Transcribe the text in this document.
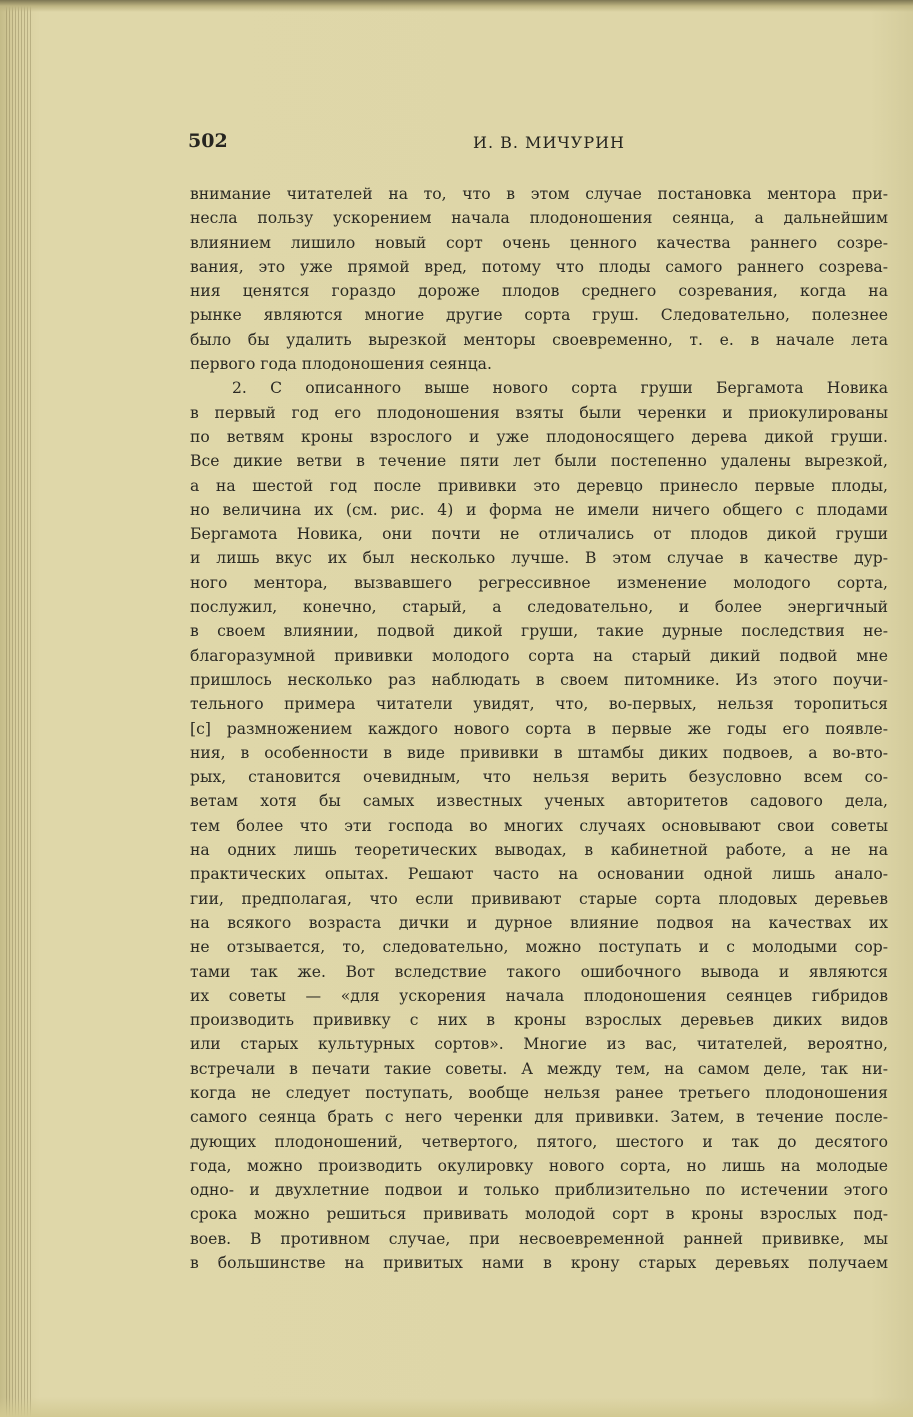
502	И. В. МИЧУРИН
внимание читателей на то, что в этом случае постановка ментора при-
несла пользу ускорением начала плодоношения сеянца, а дальнейшим
влиянием лишило новый сорт очень ценного качества раннего созре-
вания, это уже прямой вред, потому что плоды самого раннего созрева-
ния ценятся гораздо дороже плодов среднего созревания, когда на
рынке являются многие другие сорта груш. Следовательно, полезнее
было бы удалить вырезкой менторы своевременно, т. е. в начале лета
первого года плодоношения сеянца.
2. С описанного выше нового сорта груши Бергамота Новика
в первый год его плодоношения взяты были черенки и приокулированы
по ветвям кроны взрослого и уже плодоносящего дерева дикой груши.
Все дикие ветви в течение пяти лет были постепенно удалены вырезкой,
а на шестой год после прививки это деревцо принесло первые плоды,
но величина их (см. рис. 4) и форма не имели ничего общего с плодами
Бергамота Новика, они почти не отличались от плодов дикой груши
и лишь вкус их был несколько лучше. В этом случае в качестве дур-
ного ментора, вызвавшего регрессивное изменение молодого сорта,
послужил, конечно, старый, а следовательно, и более энергичный
в своем влиянии, подвой дикой груши, такие дурные последствия не-
благоразумной прививки молодого сорта на старый дикий подвой мне
пришлось несколько раз наблюдать в своем питомнике. Из этого поучи-
тельного примера читатели увидят, что, во-первых, нельзя торопиться
[с] размножением каждого нового сорта в первые же годы его появле-
ния, в особенности в виде прививки в штамбы диких подвоев, а во-вто-
рых, становится очевидным, что нельзя верить безусловно всем со-
ветам хотя бы самых известных ученых авторитетов садового дела,
тем более что эти господа во многих случаях основывают свои советы
на одних лишь теоретических выводах, в кабинетной работе, а не на
практических опытах. Решают часто на основании одной лишь анало-
гии, предполагая, что если прививают старые сорта плодовых деревьев
на всякого возраста дички и дурное влияние подвоя на качествах их
не отзывается, то, следовательно, можно поступать и с молодыми сор-
тами так же. Вот вследствие такого ошибочного вывода и являются
их советы — «для ускорения начала плодоношения сеянцев гибридов
производить прививку с них в кроны взрослых деревьев диких видов
или старых культурных сортов». Многие из вас, читателей, вероятно,
встречали в печати такие советы. А между тем, на самом деле, так ни-
когда не следует поступать, вообще нельзя ранее третьего плодоношения
самого сеянца брать с него черенки для прививки. Затем, в течение после-
дующих плодоношений, четвертого, пятого, шестого и так до десятого
года, можно производить окулировку нового сорта, но лишь на молодые
одно- и двухлетние подвои и только приблизительно по истечении этого
срока можно решиться прививать молодой сорт в кроны взрослых под-
воев. В противном случае, при несвоевременной ранней прививке, мы
в большинстве на привитых нами в крону старых деревьях получаем
